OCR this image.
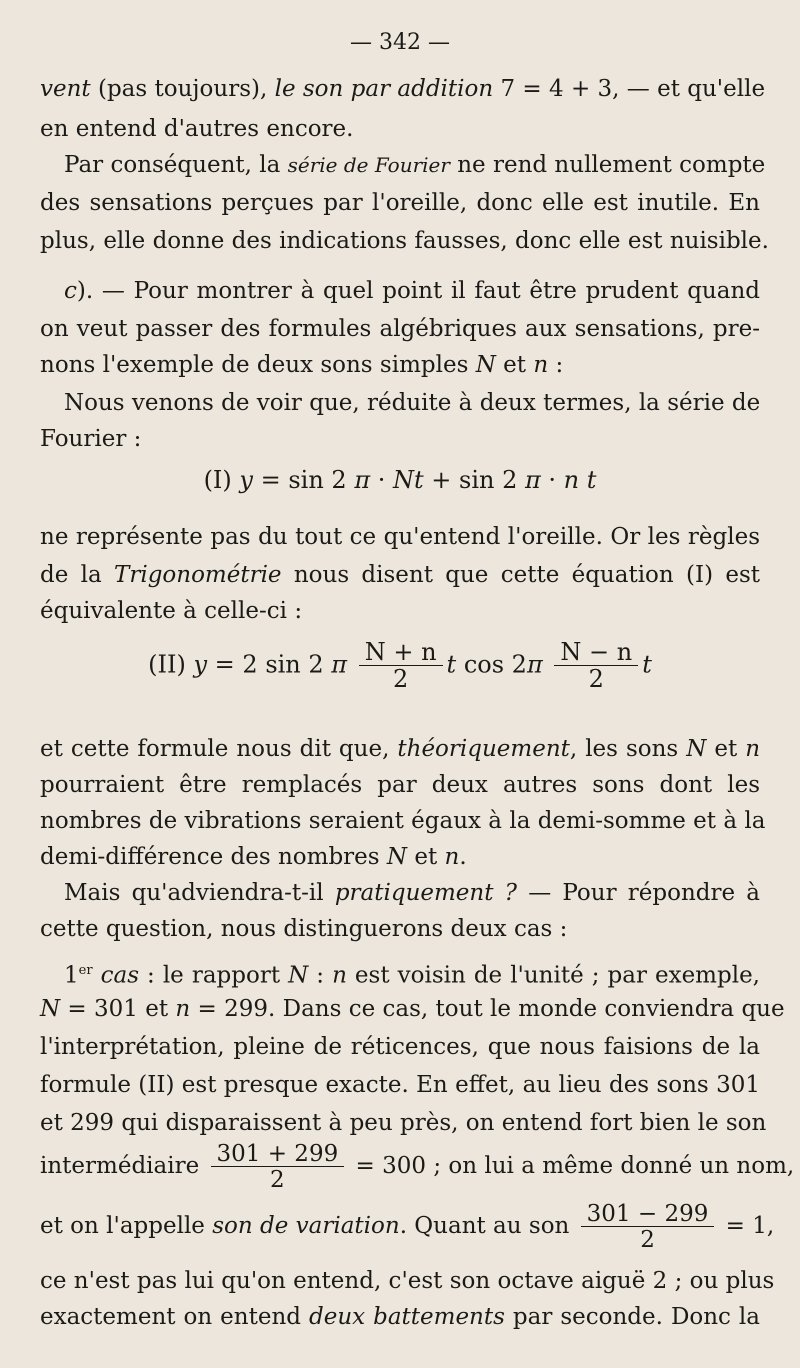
— 342 —
vent (pas toujours), le son par addition 7 = 4 + 3, — et qu'elle
en entend d'autres encore.
Par conséquent, la série de Fourier ne rend nullement compte
des sensations perçues par l'oreille, donc elle est inutile. En
plus, elle donne des indications fausses, donc elle est nuisible.
c). — Pour montrer à quel point il faut être prudent quand
on veut passer des formules algébriques aux sensations, pre-
nons l'exemple de deux sons simples N et n :
Nous venons de voir que, réduite à deux termes, la série de
Fourier :
(I) y = sin 2 π · Nt + sin 2 π · n t
ne représente pas du tout ce qu'entend l'oreille. Or les règles
de la Trigonométrie nous disent que cette équation (I) est
équivalente à celle-ci :
(II) y = 2 sin 2 π $\frac{N + n}{2}$ t $\cos 2\pi \frac{N - n}{2}$ t
et cette formule nous dit que, théoriquement, les sons N et n
pourraient être remplacés par deux autres sons dont les
nombres de vibrations seraient égaux à la demi-somme et à la
demi-différence des nombres N et n.
Mais qu'adviendra-t-il pratiquement ? — Pour répondre à
cette question, nous distinguerons deux cas :
1er cas : le rapport N : n est voisin de l'unité ; par exemple,
N = 301 et n = 299. Dans ce cas, tout le monde conviendra que
l'interprétation, pleine de réticences, que nous faisions de la
formule (II) est presque exacte. En effet, au lieu des sons 301
et 299 qui disparaissent à peu près, on entend fort bien le son
intermédiaire $\frac{301 + 299}{2} = 300$ ; on lui a même donné un nom,
et on l'appelle son de variation. Quant au son $\frac{301 - 299}{2} = 1$,
ce n'est pas lui qu'on entend, c'est son octave aiguë 2 ; ou plus
exactement on entend deux battements par seconde. Donc la
